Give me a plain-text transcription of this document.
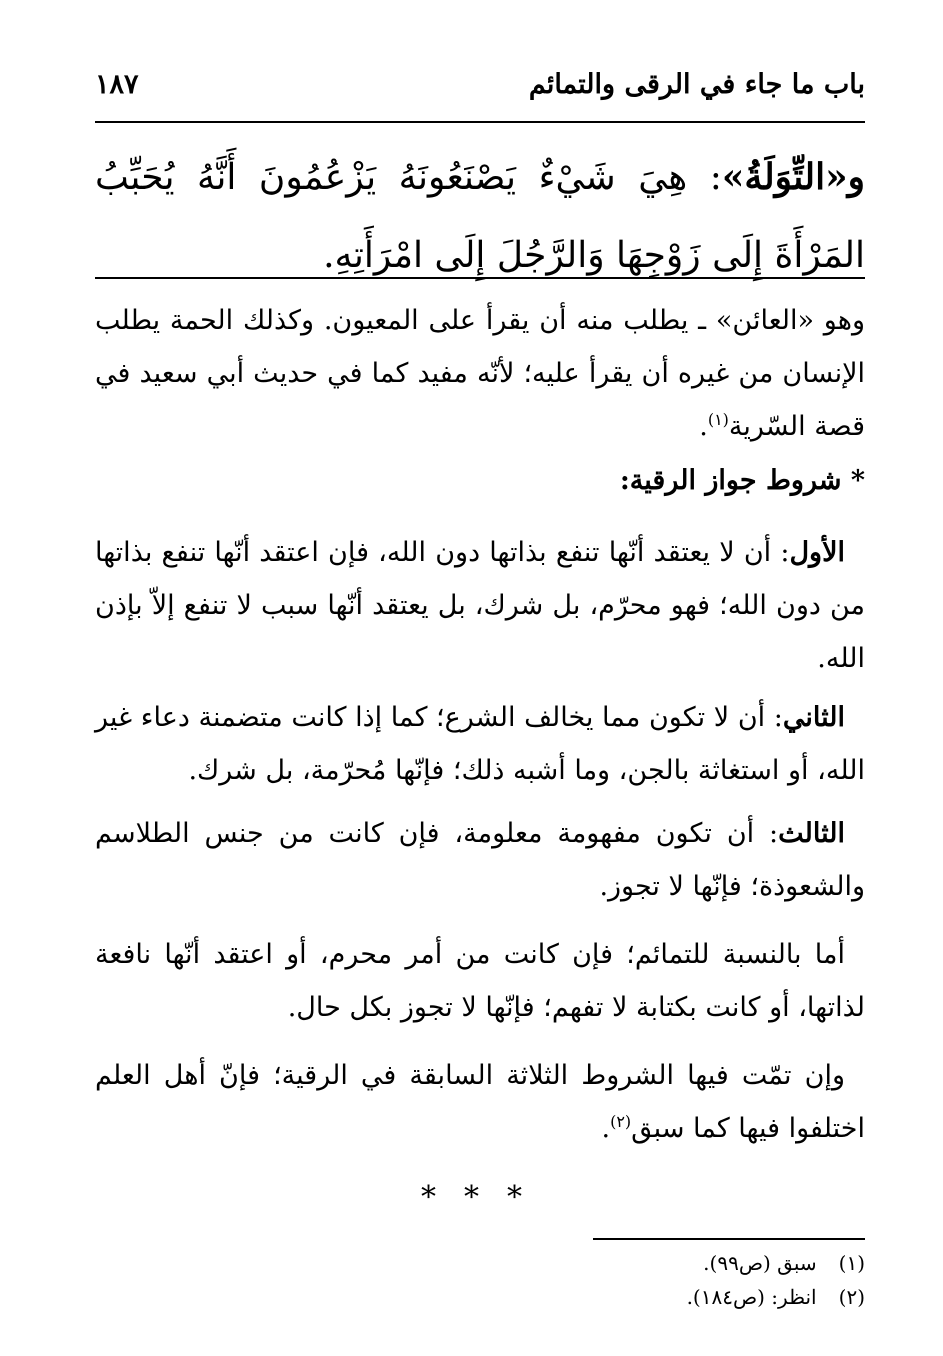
باب ما جاء في الرقى والتمائم
١٨٧
و«التِّوَلَةُ»: هِيَ شَيْءٌ يَصْنَعُونَهُ يَزْعُمُونَ أَنَّهُ يُحَبِّبُ المَرْأَةَ إِلَى زَوْجِهَا وَالرَّجُلَ إِلَى امْرَأَتِهِ.
وهو «العائن» ـ يطلب منه أن يقرأ على المعيون. وكذلك الحمة يطلب الإنسان من غيره أن يقرأ عليه؛ لأنّه مفيد كما في حديث أبي سعيد في قصة السّرية$^{(١)}$.
* شروط جواز الرقية:
الأول: أن لا يعتقد أنّها تنفع بذاتها دون الله، فإن اعتقد أنّها تنفع بذاتها من دون الله؛ فهو محرّم، بل شرك، بل يعتقد أنّها سبب لا تنفع إلاّ بإذن الله.
الثاني: أن لا تكون مما يخالف الشرع؛ كما إذا كانت متضمنة دعاء غير الله، أو استغاثة بالجن، وما أشبه ذلك؛ فإنّها مُحرّمة، بل شرك.
الثالث: أن تكون مفهومة معلومة، فإن كانت من جنس الطلاسم والشعوذة؛ فإنّها لا تجوز.
أما بالنسبة للتمائم؛ فإن كانت من أمر محرم، أو اعتقد أنّها نافعة لذاتها، أو كانت بكتابة لا تفهم؛ فإنّها لا تجوز بكل حال.
وإن تمّت فيها الشروط الثلاثة السابقة في الرقية؛ فإنّ أهل العلم اختلفوا فيها كما سبق$^{(٢)}$.
* * *
(١)
سبق (ص٩٩).
(٢)
انظر: (ص١٨٤).
